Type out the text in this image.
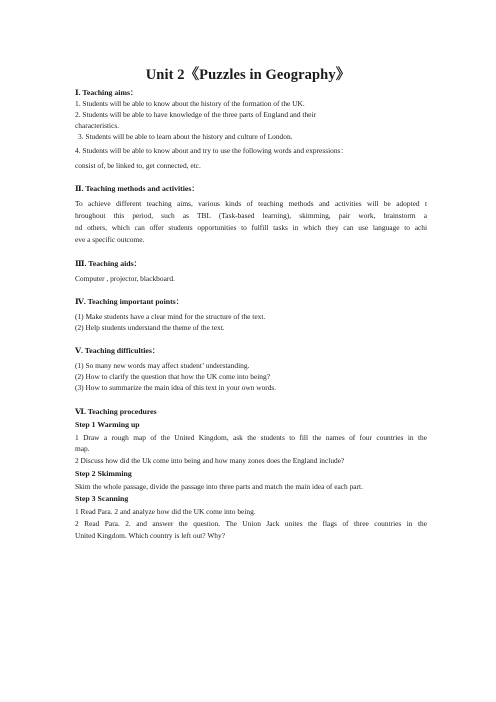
Unit 2《Puzzles in Geography》
Ⅰ. Teaching aims：
1. Students will be able to know about the history of the formation of the UK.
2. Students will be able to have knowledge of the three parts of England and their
characteristics.
3. Students will be able to learn about the history and culture of London.
4. Students will be able to know about and try to use the following words and expressions：
consist of, be linked to, get connected, etc.
Ⅱ. Teaching methods and activities：
To achieve different teaching aims, various kinds of teaching methods and activities will be adopted t
hroughout this period, such as TBL (Task-based learning), skimming, pair work, brainstorm a
nd others, which can offer students opportunities to fulfill tasks in which they can use language to achi
eve a specific outcome.
Ⅲ. Teaching aids：
Computer , projector, blackboard.
Ⅳ. Teaching important points：
(1) Make students have a clear mind for the structure of the text.
(2) Help students understand the theme of the text.
Ⅴ. Teaching difficulties：
(1) So many new words may affect student’ understanding.
(2) How to clarify the question that how the UK come into being?
(3) How to summarize the main idea of this text in your own words.
Ⅵ. Teaching procedures
Step 1 Warming up
1 Draw a rough map of the United Kingdom, ask the students to fill the names of four countries in the
map.
2 Discuss how did the Uk come into being and how many zones does the England include?
Step 2 Skimming
Skim the whole passage, divide the passage into three parts and match the main idea of each part.
Step 3 Scanning
1 Read Para. 2 and analyze how did the UK come into being.
2 Read Para. 2. and answer the question. The Union Jack unites the flags of three countries in the
United Kingdom. Which country is left out? Why?
